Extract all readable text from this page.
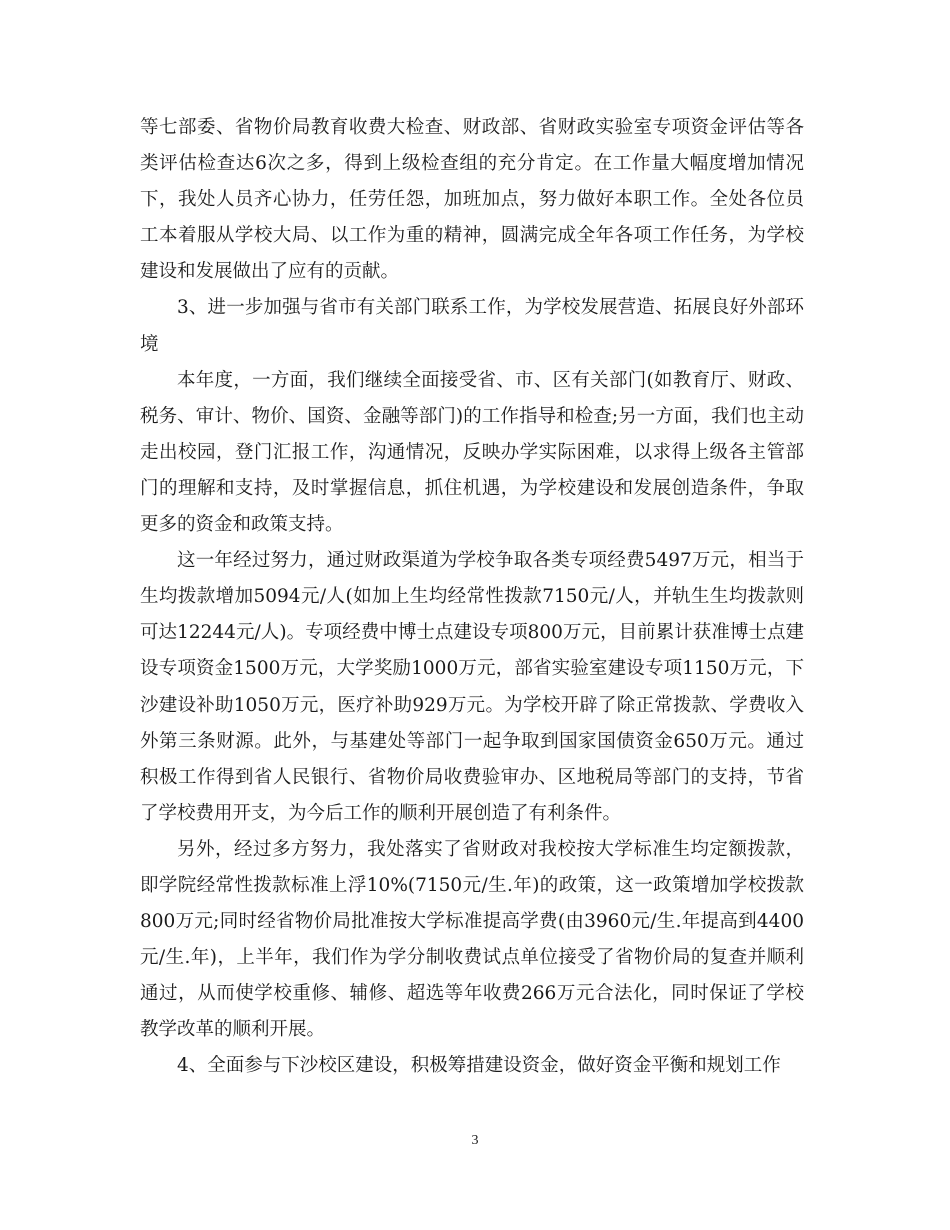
等七部委、省物价局教育收费大检查、财政部、省财政实验室专项资金评估等各类评估检查达6次之多，得到上级检查组的充分肯定。在工作量大幅度增加情况下，我处人员齐心协力，任劳任怨，加班加点，努力做好本职工作。全处各位员工本着服从学校大局、以工作为重的精神，圆满完成全年各项工作任务，为学校建设和发展做出了应有的贡献。

3、进一步加强与省市有关部门联系工作，为学校发展营造、拓展良好外部环境

本年度，一方面，我们继续全面接受省、市、区有关部门(如教育厅、财政、税务、审计、物价、国资、金融等部门)的工作指导和检查;另一方面，我们也主动走出校园，登门汇报工作，沟通情况，反映办学实际困难，以求得上级各主管部门的理解和支持，及时掌握信息，抓住机遇，为学校建设和发展创造条件，争取更多的资金和政策支持。

这一年经过努力，通过财政渠道为学校争取各类专项经费5497万元，相当于生均拨款增加5094元/人(如加上生均经常性拨款7150元/人，并轨生生均拨款则可达12244元/人)。专项经费中博士点建设专项800万元，目前累计获准博士点建设专项资金1500万元，大学奖励1000万元，部省实验室建设专项1150万元，下沙建设补助1050万元，医疗补助929万元。为学校开辟了除正常拨款、学费收入外第三条财源。此外，与基建处等部门一起争取到国家国债资金650万元。通过积极工作得到省人民银行、省物价局收费验审办、区地税局等部门的支持，节省了学校费用开支，为今后工作的顺利开展创造了有利条件。

另外，经过多方努力，我处落实了省财政对我校按大学标准生均定额拨款，即学院经常性拨款标准上浮10%(7150元/生.年)的政策，这一政策增加学校拨款800万元;同时经省物价局批准按大学标准提高学费(由3960元/生.年提高到4400元/生.年)，上半年，我们作为学分制收费试点单位接受了省物价局的复查并顺利通过，从而使学校重修、辅修、超选等年收费266万元合法化，同时保证了学校教学改革的顺利开展。

4、全面参与下沙校区建设，积极筹措建设资金，做好资金平衡和规划工作

3
